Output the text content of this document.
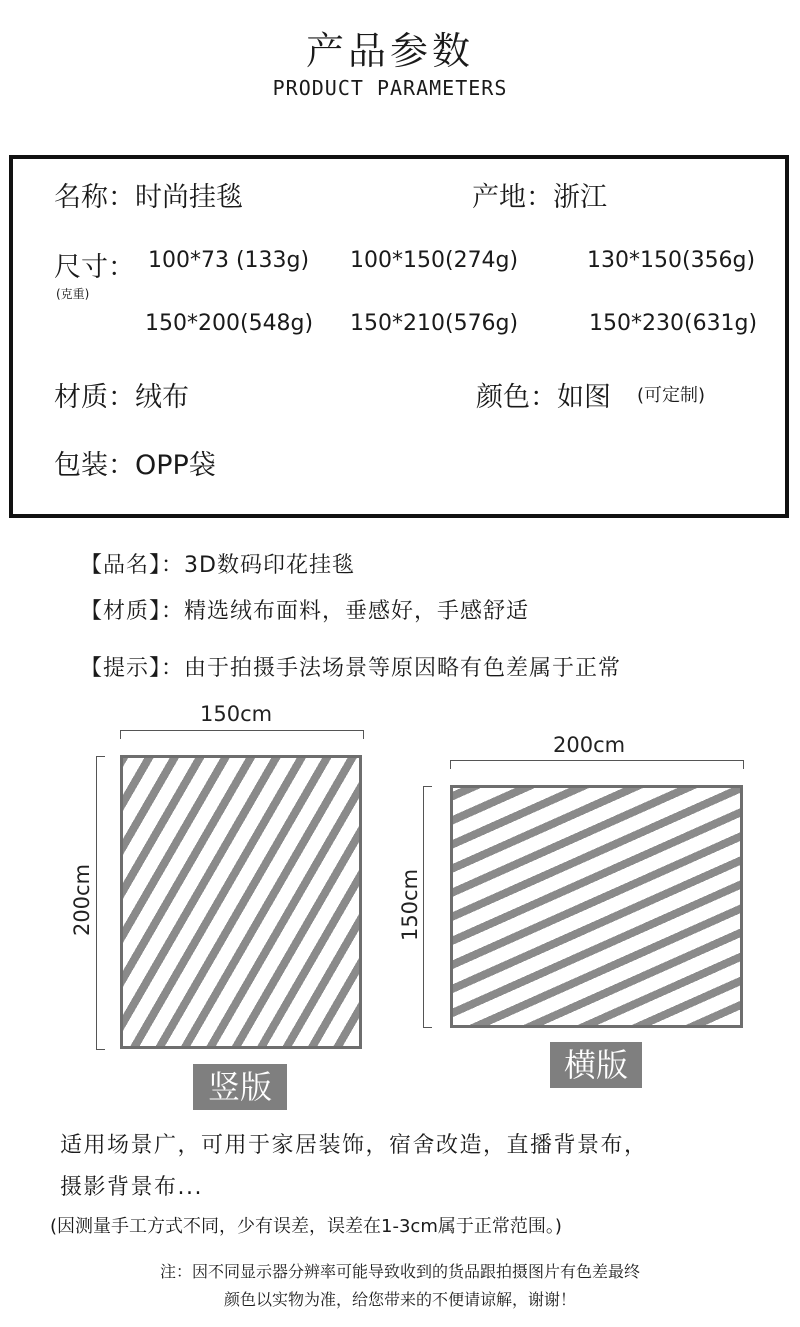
产品参数
PRODUCT PARAMETERS
名称：时尚挂毯	产地：浙江
尺寸：
(克重)
100*73 (133g) 100*150(274g)	130*150(356g)
150*200(548g) 150*210(576g)	150*230(631g)
材质：绒布	颜色：如图 (可定制)
包装：OPP袋
【品名】：3D数码印花挂毯
【材质】：精选绒布面料，垂感好，手感舒适
【提示】：由于拍摄手法场景等原因略有色差属于正常
150cm
200cm
竖版
200cm
150cm
横版
适用场景广，可用于家居装饰，宿舍改造，直播背景布，
摄影背景布...
(因测量手工方式不同，少有误差，误差在1-3cm属于正常范围。)
注：因不同显示器分辨率可能导致收到的货品跟拍摄图片有色差最终
颜色以实物为准，给您带来的不便请谅解，谢谢！
